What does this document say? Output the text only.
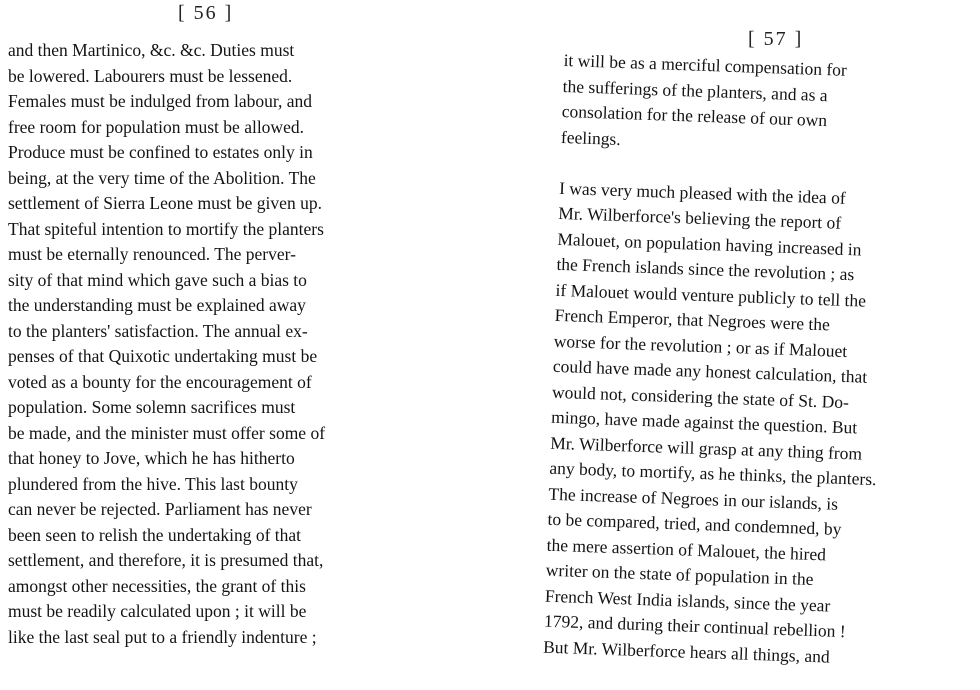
[ 56 ]
and then Martinico, &c. &c. Duties must
be lowered. Labourers must be lessened.
Females must be indulged from labour, and
free room for population must be allowed.
Produce must be confined to estates only in
being, at the very time of the Abolition. The
settlement of Sierra Leone must be given up.
That spiteful intention to mortify the planters
must be eternally renounced. The perver-
sity of that mind which gave such a bias to
the understanding must be explained away
to the planters' satisfaction. The annual ex-
penses of that Quixotic undertaking must be
voted as a bounty for the encouragement of
population. Some solemn sacrifices must
be made, and the minister must offer some of
that honey to Jove, which he has hitherto
plundered from the hive. This last bounty
can never be rejected. Parliament has never
been seen to relish the undertaking of that
settlement, and therefore, it is presumed that,
amongst other necessities, the grant of this
must be readily calculated upon ; it will be
like the last seal put to a friendly indenture ;
[ 57 ]
it will be as a merciful compensation for
the sufferings of the planters, and as a
consolation for the release of our own
feelings.
I was very much pleased with the idea of
Mr. Wilberforce's believing the report of
Malouet, on population having increased in
the French islands since the revolution ; as
if Malouet would venture publicly to tell the
French Emperor, that Negroes were the
worse for the revolution ; or as if Malouet
could have made any honest calculation, that
would not, considering the state of St. Do-
mingo, have made against the question. But
Mr. Wilberforce will grasp at any thing from
any body, to mortify, as he thinks, the planters.
The increase of Negroes in our islands, is
to be compared, tried, and condemned, by
the mere assertion of Malouet, the hired
writer on the state of population in the
French West India islands, since the year
1792, and during their continual rebellion !
But Mr. Wilberforce hears all things, and
